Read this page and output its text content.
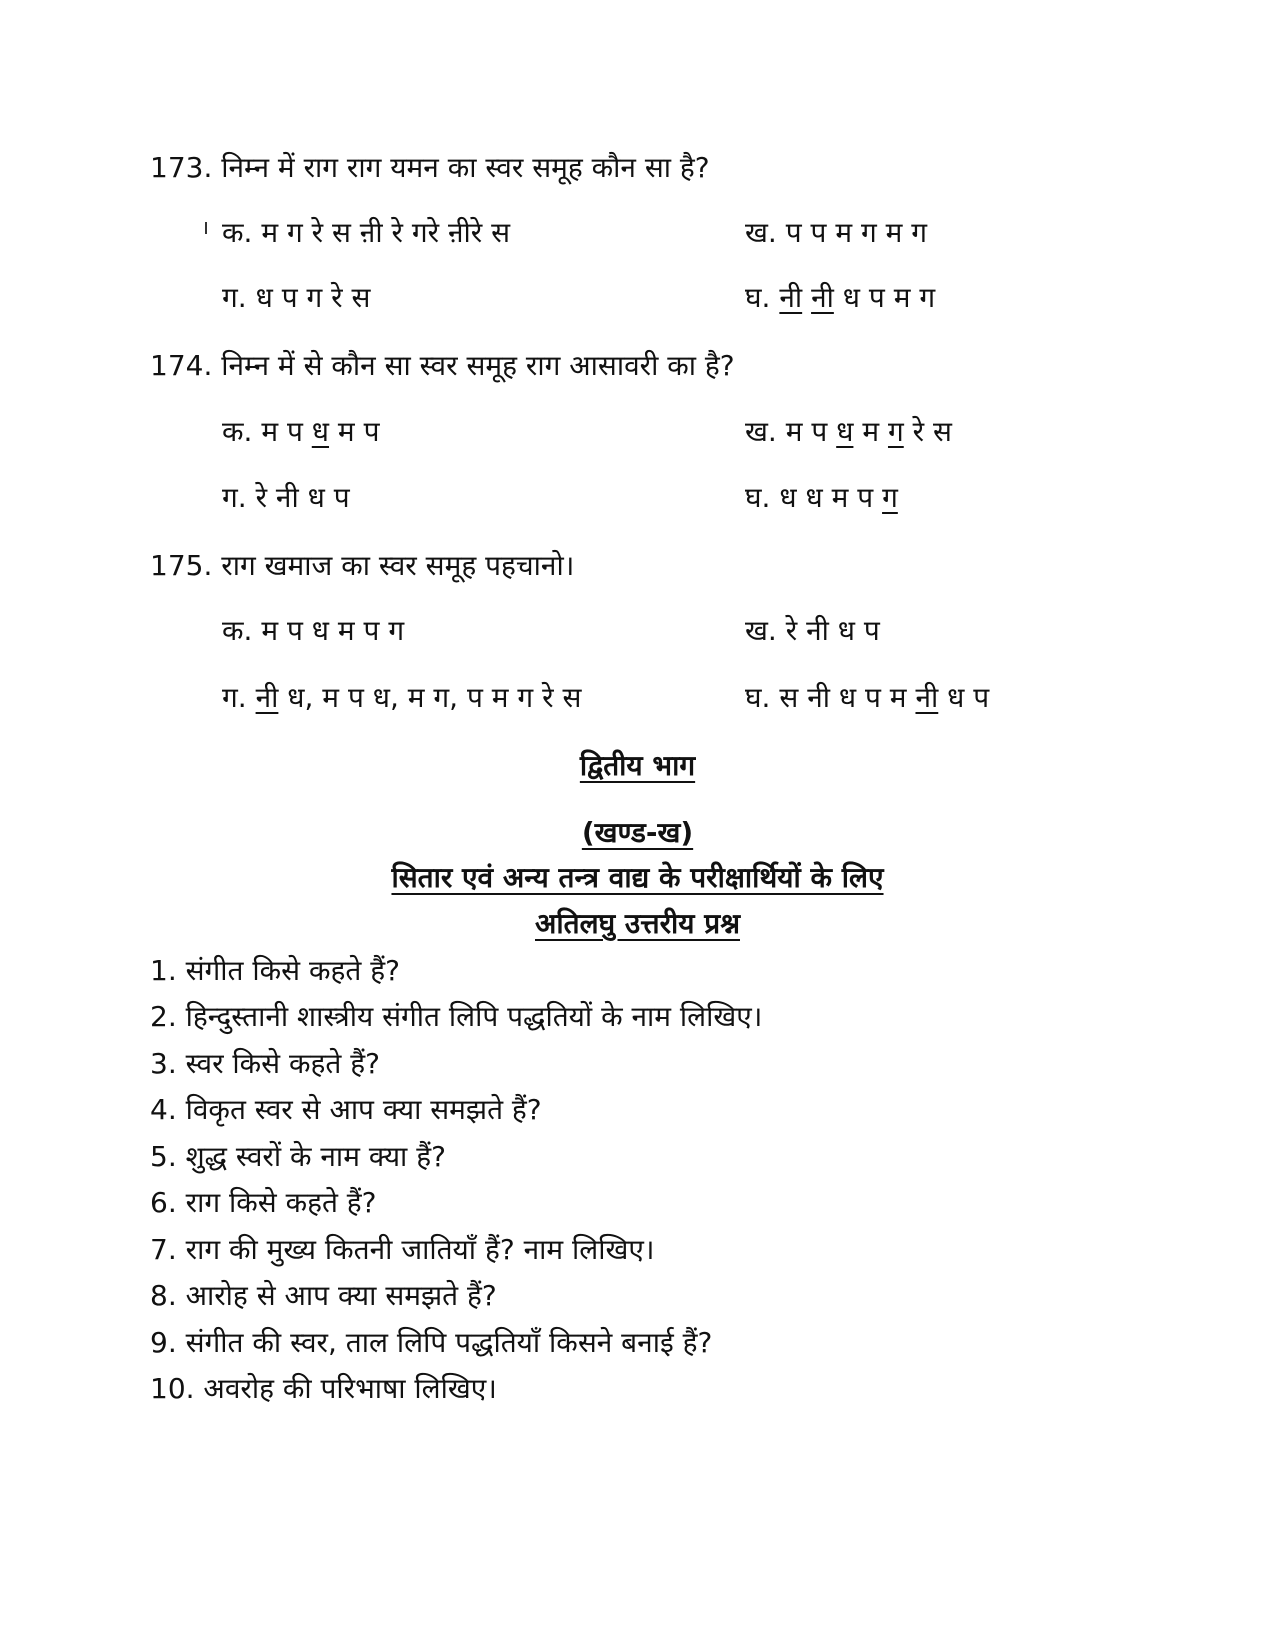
173. निम्न में राग राग यमन का स्वर समूह कौन सा है?
क. म ग रे स ऩी रे गरे ऩीरे स	ख. प प म ग म ग
ग. ध प ग रे स	घ. नी नी ध प म ग
174. निम्न में से कौन सा स्वर समूह राग आसावरी का है?
क. म प ध म प	ख. म प ध म ग रे स
ग. रे नी ध प	घ. ध ध म प ग
175. राग खमाज का स्वर समूह पहचानो।
क. म प ध म प ग	ख. रे नी ध प
ग. नी ध, म प ध, म ग, प म ग रे स	घ. स नी ध प म नी ध प
द्वितीय भाग
(खण्ड-ख)
सितार एवं अन्य तन्त्र वाद्य के परीक्षार्थियों के लिए
अतिलघु उत्तरीय प्रश्न
1. संगीत किसे कहते हैं?
2. हिन्दुस्तानी शास्त्रीय संगीत लिपि पद्धतियों के नाम लिखिए।
3. स्वर किसे कहते हैं?
4. विकृत स्वर से आप क्या समझते हैं?
5. शुद्ध स्वरों के नाम क्या हैं?
6. राग किसे कहते हैं?
7. राग की मुख्य कितनी जातियाँ हैं? नाम लिखिए।
8. आरोह से आप क्या समझते हैं?
9. संगीत की स्वर, ताल लिपि पद्धतियाँ किसने बनाई हैं?
10. अवरोह की परिभाषा लिखिए।
